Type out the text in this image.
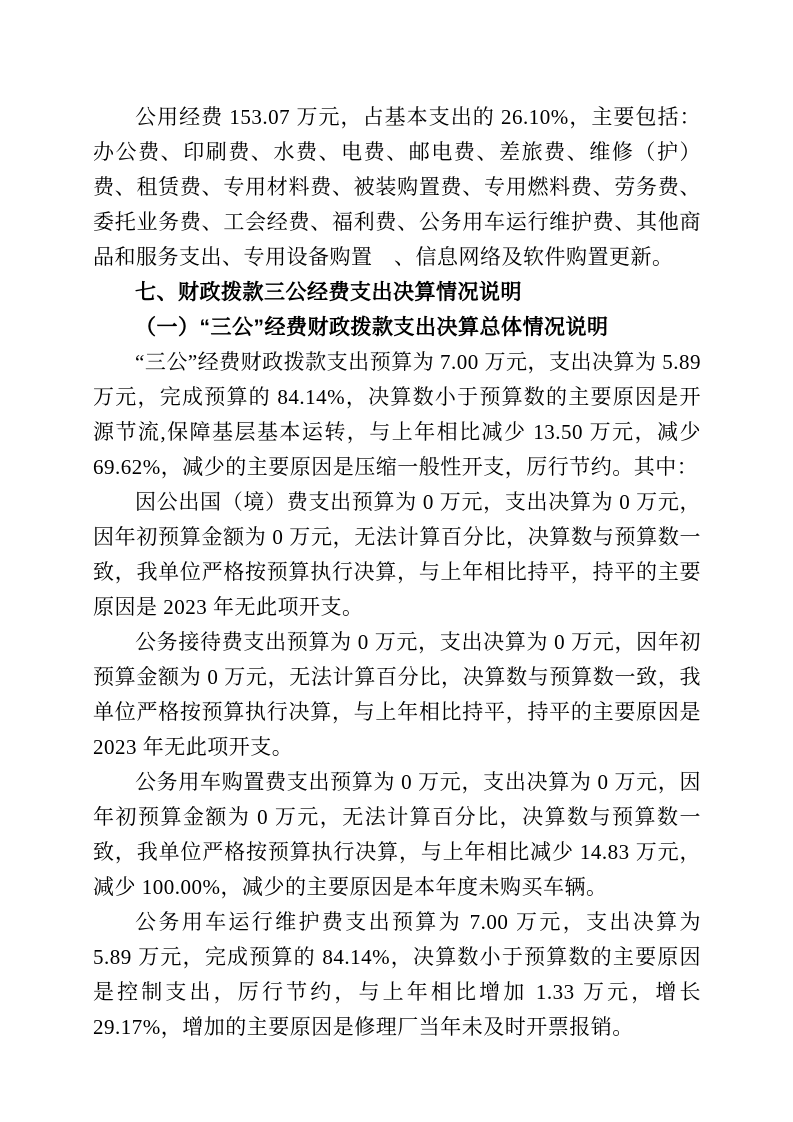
公用经费 153.07 万元，占基本支出的 26.10%，主要包括：办公费、印刷费、水费、电费、邮电费、差旅费、维修（护）费、租赁费、专用材料费、被装购置费、专用燃料费、劳务费、委托业务费、工会经费、福利费、公务用车运行维护费、其他商品和服务支出、专用设备购置　、信息网络及软件购置更新。

七、财政拨款三公经费支出决算情况说明

（一）“三公”经费财政拨款支出决算总体情况说明

“三公”经费财政拨款支出预算为 7.00 万元，支出决算为 5.89 万元，完成预算的 84.14%，决算数小于预算数的主要原因是开源节流,保障基层基本运转，与上年相比减少 13.50 万元，减少 69.62%，减少的主要原因是压缩一般性开支，厉行节约。其中：

因公出国（境）费支出预算为 0 万元，支出决算为 0 万元，因年初预算金额为 0 万元，无法计算百分比，决算数与预算数一致，我单位严格按预算执行决算，与上年相比持平，持平的主要原因是 2023 年无此项开支。

公务接待费支出预算为 0 万元，支出决算为 0 万元，因年初预算金额为 0 万元，无法计算百分比，决算数与预算数一致，我单位严格按预算执行决算，与上年相比持平，持平的主要原因是 2023 年无此项开支。

公务用车购置费支出预算为 0 万元，支出决算为 0 万元，因年初预算金额为 0 万元，无法计算百分比，决算数与预算数一致，我单位严格按预算执行决算，与上年相比减少 14.83 万元，减少 100.00%，减少的主要原因是本年度未购买车辆。

公务用车运行维护费支出预算为 7.00 万元，支出决算为 5.89 万元，完成预算的 84.14%，决算数小于预算数的主要原因是控制支出，厉行节约，与上年相比增加 1.33 万元，增长 29.17%，增加的主要原因是修理厂当年未及时开票报销。
